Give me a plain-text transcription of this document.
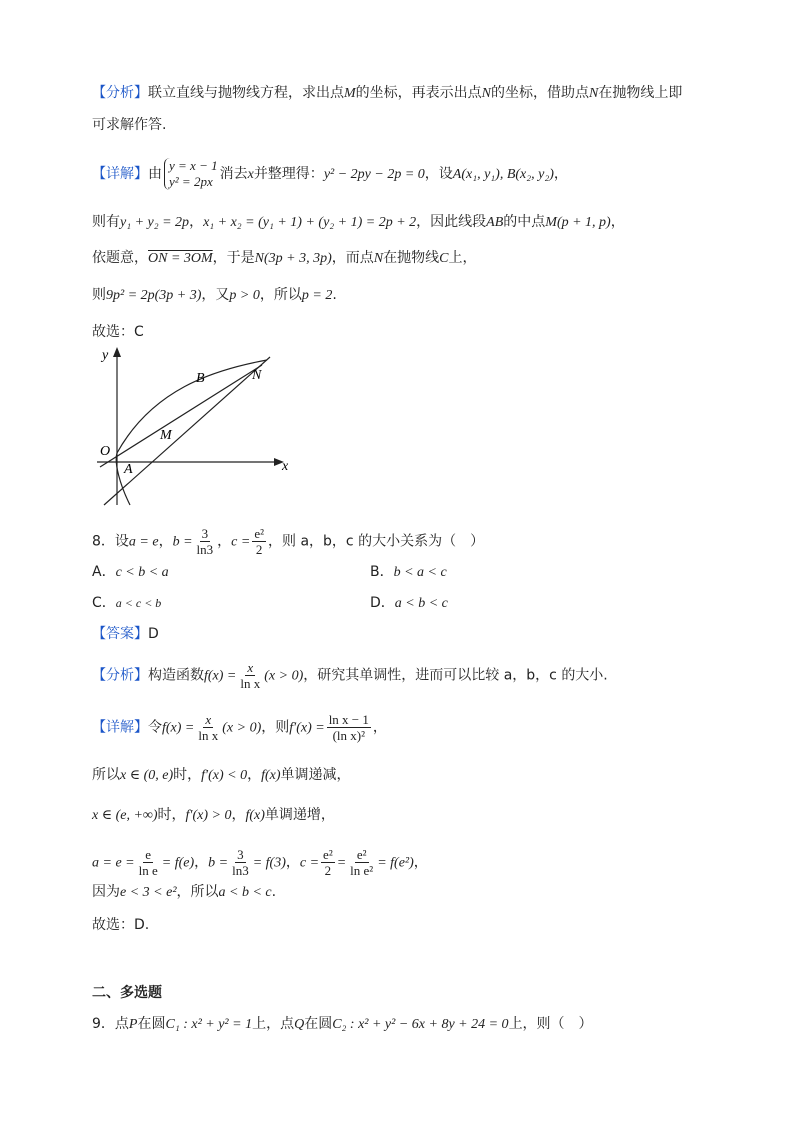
【分析】联立直线与抛物线方程，求出点M的坐标，再表示出点N的坐标，借助点N在抛物线上即
可求解作答.
【详解】由
y = x − 1
y² = 2px 消去x并整理得：y² − 2py − 2p = 0，设A(x₁, y₁), B(x₂, y₂)，
则有y₁ + y₂ = 2p，x₁ + x₂ = (y₁ + 1) + (y₂ + 1) = 2p + 2，因此线段AB的中点M(p + 1, p)，
依题意，ON = 3OM，于是N(3p + 3, 3p)，而点N在抛物线C上，
则9p² = 2p(3p + 3)，又p > 0，所以p = 2.
故选：C
y
x
O
A
B
M
N
8．设a = e，$b = \frac{3}{\ln 3}$ ，$c = \frac{\text{e²}}{2}$ ，则 a，b，c 的大小关系为（　）
A．c < b < a	B．b < a < c
C．a < c < b	D．a < b < c
【答案】D
【分析】构造函数$f(x) = \frac{x}{\text{ln x}} (x > 0)$，研究其单调性，进而可以比较 a，b，c 的大小.
【详解】令$f(x) = \frac{x}{\text{ln x}} (x > 0)$，则$f'(x) = \frac{\text{ln x − 1}}{\text{(ln x)²}}$ ，
所以x ∈ (0, e)时，f′(x) < 0，f(x)单调递减，
x ∈ (e, +∞)时，f′(x) > 0，f(x)单调递增，
$a = e = \frac{e}{\text{ln e}} = f(e)$，$b = \frac{3}{\ln 3} = f(3)$，$c = \frac{\text{e²}}{2} = \frac{\text{e²}}{\text{ln e²}} = f(e^2)$，
因为e < 3 < e²，所以a < b < c.
故选：D.
二、多选题
9．点P在圆C₁ : x² + y² = 1上，点Q在圆C₂ : x² + y² − 6x + 8y + 24 = 0上，则（　）
